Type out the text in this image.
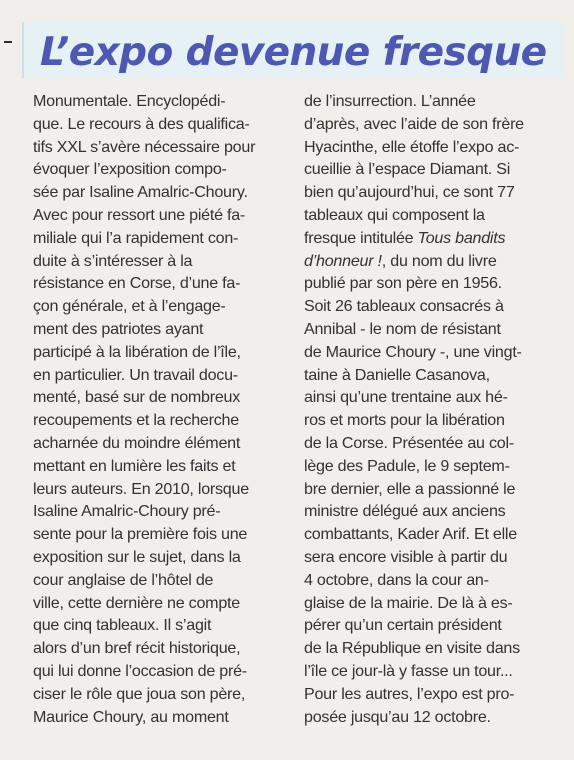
L’expo devenue fresque
Monumentale. Encyclopédi-
que. Le recours à des qualifica-
tifs XXL s’avère nécessaire pour
évoquer l’exposition compo-
sée par Isaline Amalric-Choury.
Avec pour ressort une piété fa-
miliale qui l’a rapidement con-
duite à s’intéresser à la
résistance en Corse, d’une fa-
çon générale, et à l’engage-
ment des patriotes ayant
participé à la libération de l’île,
en particulier. Un travail docu-
menté, basé sur de nombreux
recoupements et la recherche
acharnée du moindre élément
mettant en lumière les faits et
leurs auteurs. En 2010, lorsque
Isaline Amalric-Choury pré-
sente pour la première fois une
exposition sur le sujet, dans la
cour anglaise de l’hôtel de
ville, cette dernière ne compte
que cinq tableaux. Il s’agit
alors d’un bref récit historique,
qui lui donne l’occasion de pré-
ciser le rôle que joua son père,
Maurice Choury, au moment
de l’insurrection. L’année
d’après, avec l’aide de son frère
Hyacinthe, elle étoffe l’expo ac-
cueillie à l’espace Diamant. Si
bien qu’aujourd’hui, ce sont 77
tableaux qui composent la
fresque intitulée Tous bandits
d’honneur !, du nom du livre
publié par son père en 1956.
Soit 26 tableaux consacrés à
Annibal - le nom de résistant
de Maurice Choury -, une vingt-
taine à Danielle Casanova,
ainsi qu’une trentaine aux hé-
ros et morts pour la libération
de la Corse. Présentée au col-
lège des Padule, le 9 septem-
bre dernier, elle a passionné le
ministre délégué aux anciens
combattants, Kader Arif. Et elle
sera encore visible à partir du
4 octobre, dans la cour an-
glaise de la mairie. De là à es-
pérer qu’un certain président
de la République en visite dans
l’île ce jour-là y fasse un tour...
Pour les autres, l’expo est pro-
posée jusqu’au 12 octobre.
